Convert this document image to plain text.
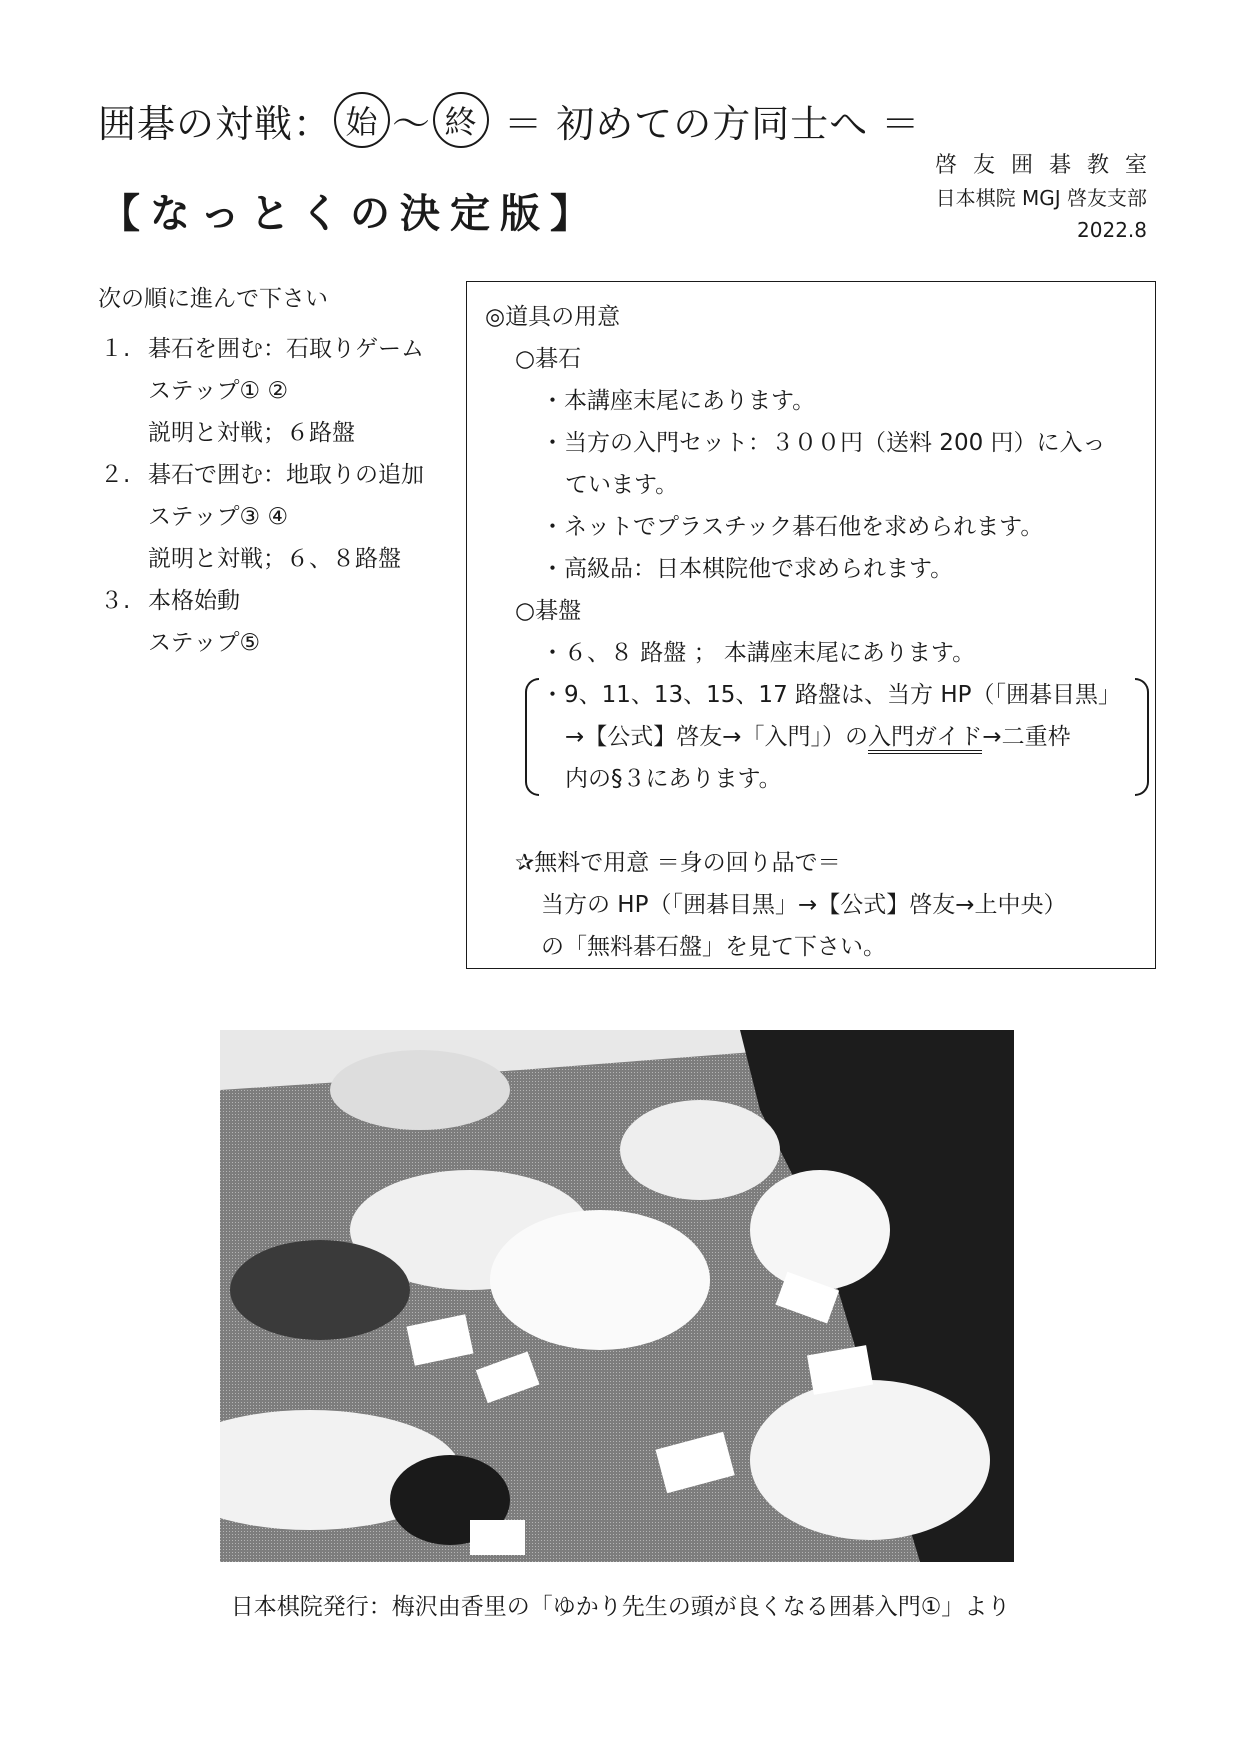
囲碁の対戦： 始 ～ 終 ＝ 初めての方同士へ ＝
【なっとくの決定版】
啓友囲碁教室
日本棋院 MGJ 啓友支部
2022.8
次の順に進んで下さい
１. 碁石を囲む：石取りゲーム
ステップ① ②
説明と対戦；６路盤
２. 碁石で囲む：地取りの追加
ステップ③ ④
説明と対戦；６、８路盤
３. 本格始動
ステップ⑤
◎道具の用意
○碁石
・本講座末尾にあります。
・当方の入門セット：３００円（送料 200 円）に入っ
ています。
・ネットでプラスチック碁石他を求められます。
・高級品：日本棋院他で求められます。
○碁盤
・６、８ 路盤 ； 本講座末尾にあります。
・9、11、13、15、17 路盤は、当方 HP（「囲碁目黒」
→【公式】啓友→「入門」）の入門ガイド→二重枠
内の§３にあります。
✰無料で用意 ＝身の回り品で＝
当方の HP（「囲碁目黒」→【公式】啓友→上中央）
の「無料碁石盤」を見て下さい。
日本棋院発行：梅沢由香里の「ゆかり先生の頭が良くなる囲碁入門①」より
